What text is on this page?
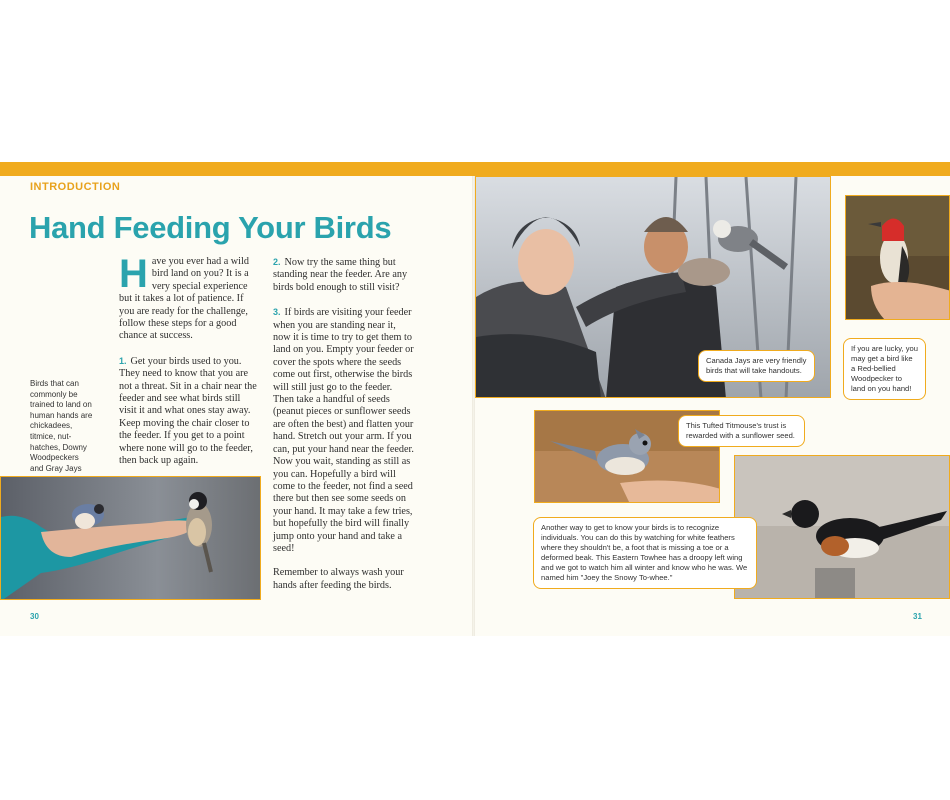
INTRODUCTION
Hand Feeding Your Birds
Birds that can commonly be trained to land on human hands are chickadees, titmice, nut-hatches, Downy Woodpeckers and Gray Jays

Have you ever had a wild bird land on you? It is a very special experience but it takes a lot of patience. If you are ready for the challenge, follow these steps for a good chance at success.

1. Get your birds used to you. They need to know that you are not a threat. Sit in a chair near the feeder and see what birds still visit it and what ones stay away. Keep moving the chair closer to the feeder. If you get to a point where none will go to the feeder, then back up again.

2. Now try the same thing but standing near the feeder. Are any birds bold enough to still visit?

3. If birds are visiting your feeder when you are standing near it, now it is time to try to get them to land on you. Empty your feeder or cover the spots where the seeds come out first, otherwise the birds will still just go to the feeder. Then take a handful of seeds (peanut pieces or sunflower seeds are often the best) and flatten your hand. Stretch out your arm. If you can, put your hand near the feeder. Now you wait, standing as still as you can. Hopefully a bird will come to the feeder, not find a seed there but then see some seeds on your hand. It may take a few tries, but hopefully the bird will finally jump onto your hand and take a seed!

Remember to always wash your hands after feeding the birds.

Canada Jays are very friendly birds that will take handouts.
If you are lucky, you may get a bird like a Red-bellied Woodpecker to land on you hand!
This Tufted Titmouse's trust is rewarded with a sunflower seed.
Another way to get to know your birds is to recognize individuals. You can do this by watching for white feathers where they shouldn't be, a foot that is missing a toe or a deformed beak. This Eastern Towhee has a droopy left wing and we got to watch him all winter and know who he was. We named him "Joey the Snowy To-whee."
30	31
